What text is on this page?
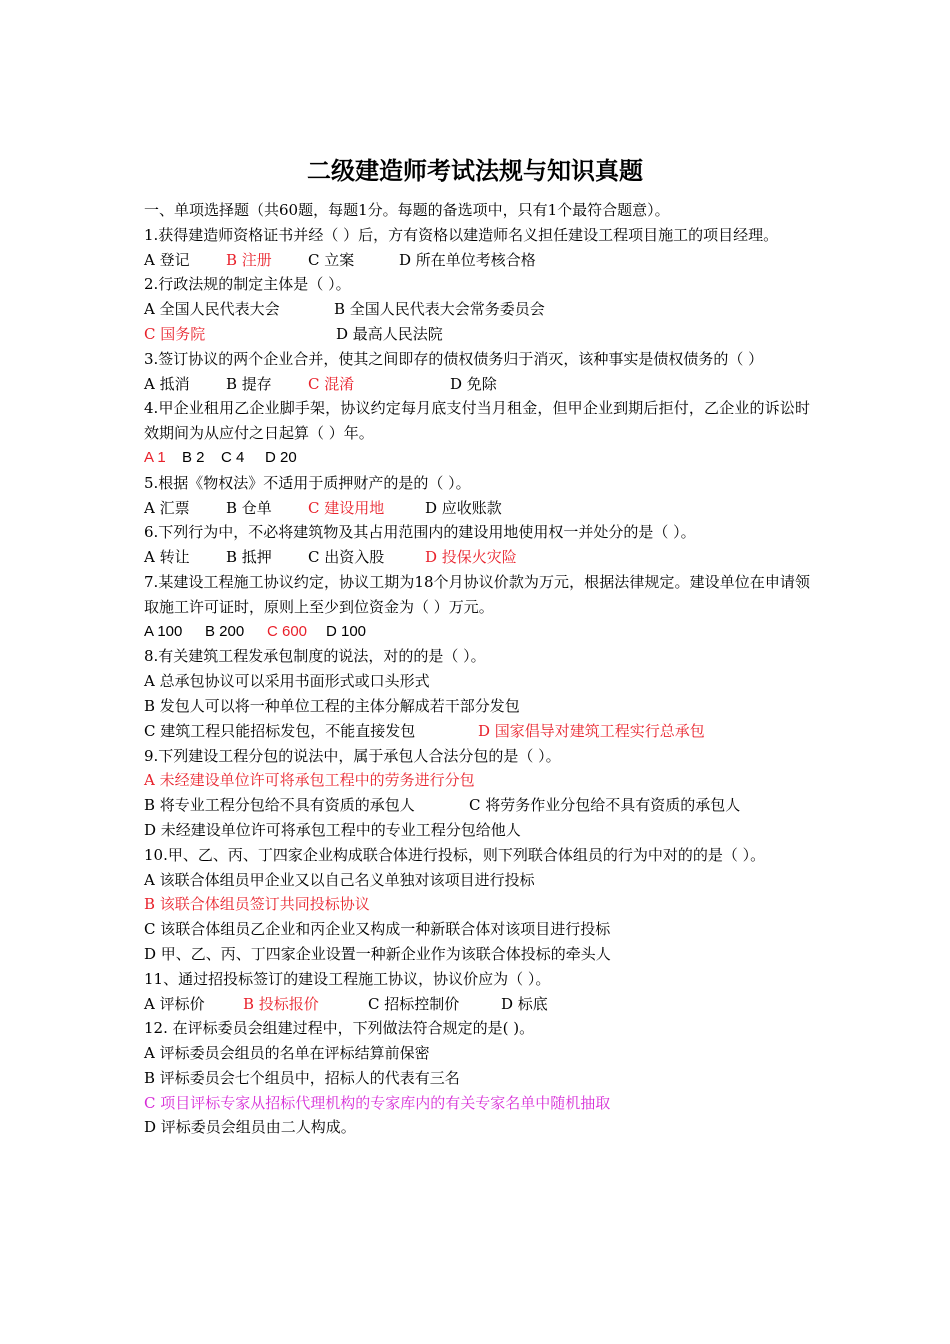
二级建造师考试法规与知识真题
一、单项选择题（共60题，每题1分。每题的备选项中，只有1个最符合题意）。
1.获得建造师资格证书并经（ ）后，方有资格以建造师名义担任建设工程项目施工的项目经理。
A 登记 B 注册 C 立案	D 所在单位考核合格
2.行政法规的制定主体是（ ）。
A 全国人民代表大会	B 全国人民代表大会常务委员会
C 国务院	D 最高人民法院
3.签订协议的两个企业合并，使其之间即存的债权债务归于消灭，该种事实是债权债务的（ ）
A 抵消 B 提存 C 混淆	D 免除
4.甲企业租用乙企业脚手架，协议约定每月底支付当月租金，但甲企业到期后拒付，乙企业的诉讼时效期间为从应付之日起算（ ）年。
A 1 B 2 C 4 D 20
5.根据《物权法》不适用于质押财产的是的（ ）。
A 汇票 B 仓单 C 建设用地	D 应收账款
6.下列行为中，不必将建筑物及其占用范围内的建设用地使用权一并处分的是（ ）。
A 转让 B 抵押 C 出资入股	D 投保火灾险
7.某建设工程施工协议约定，协议工期为18个月协议价款为万元，根据法律规定。建设单位在申请领取施工许可证时，原则上至少到位资金为（ ）万元。
A 100 B 200 C 600 D 100
8.有关建筑工程发承包制度的说法，对的的是（ ）。
A 总承包协议可以采用书面形式或口头形式
B 发包人可以将一种单位工程的主体分解成若干部分发包
C 建筑工程只能招标发包，不能直接发包	D 国家倡导对建筑工程实行总承包
9.下列建设工程分包的说法中，属于承包人合法分包的是（ ）。
A 未经建设单位许可将承包工程中的劳务进行分包
B 将专业工程分包给不具有资质的承包人	C 将劳务作业分包给不具有资质的承包人
D 未经建设单位许可将承包工程中的专业工程分包给他人
10.甲、乙、丙、丁四家企业构成联合体进行投标，则下列联合体组员的行为中对的的是（ ）。
A 该联合体组员甲企业又以自己名义单独对该项目进行投标
B 该联合体组员签订共同投标协议
C 该联合体组员乙企业和丙企业又构成一种新联合体对该项目进行投标
D 甲、乙、丙、丁四家企业设置一种新企业作为该联合体投标的牵头人
11、通过招投标签订的建设工程施工协议，协议价应为（ ）。
A 评标价	B 投标报价	C 招标控制价	D 标底
12. 在评标委员会组建过程中，下列做法符合规定的是( )。
A 评标委员会组员的名单在评标结算前保密
B 评标委员会七个组员中，招标人的代表有三名
C 项目评标专家从招标代理机构的专家库内的有关专家名单中随机抽取
D 评标委员会组员由二人构成。
